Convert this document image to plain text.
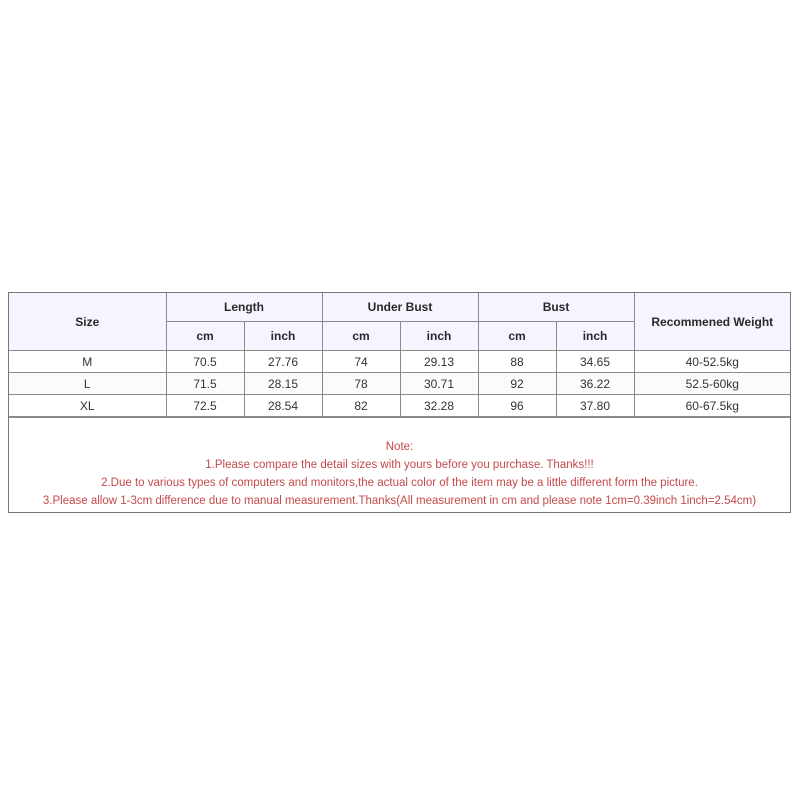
Size	Length		Under Bust		Bust		Recommened Weight
	cm	inch	cm	inch	cm	inch	
M	70.5	27.76	74	29.13	88	34.65	40-52.5kg
L	71.5	28.15	78	30.71	92	36.22	52.5-60kg
XL	72.5	28.54	82	32.28	96	37.80	60-67.5kg
Note:
1.Please compare the detail sizes with yours before you purchase. Thanks!!!
2.Due to various types of computers and monitors,the actual color of the item may be a little different form the picture.
3.Please allow 1-3cm difference due to manual measurement.Thanks(All measurement in cm and please note 1cm=0.39inch 1inch=2.54cm)
